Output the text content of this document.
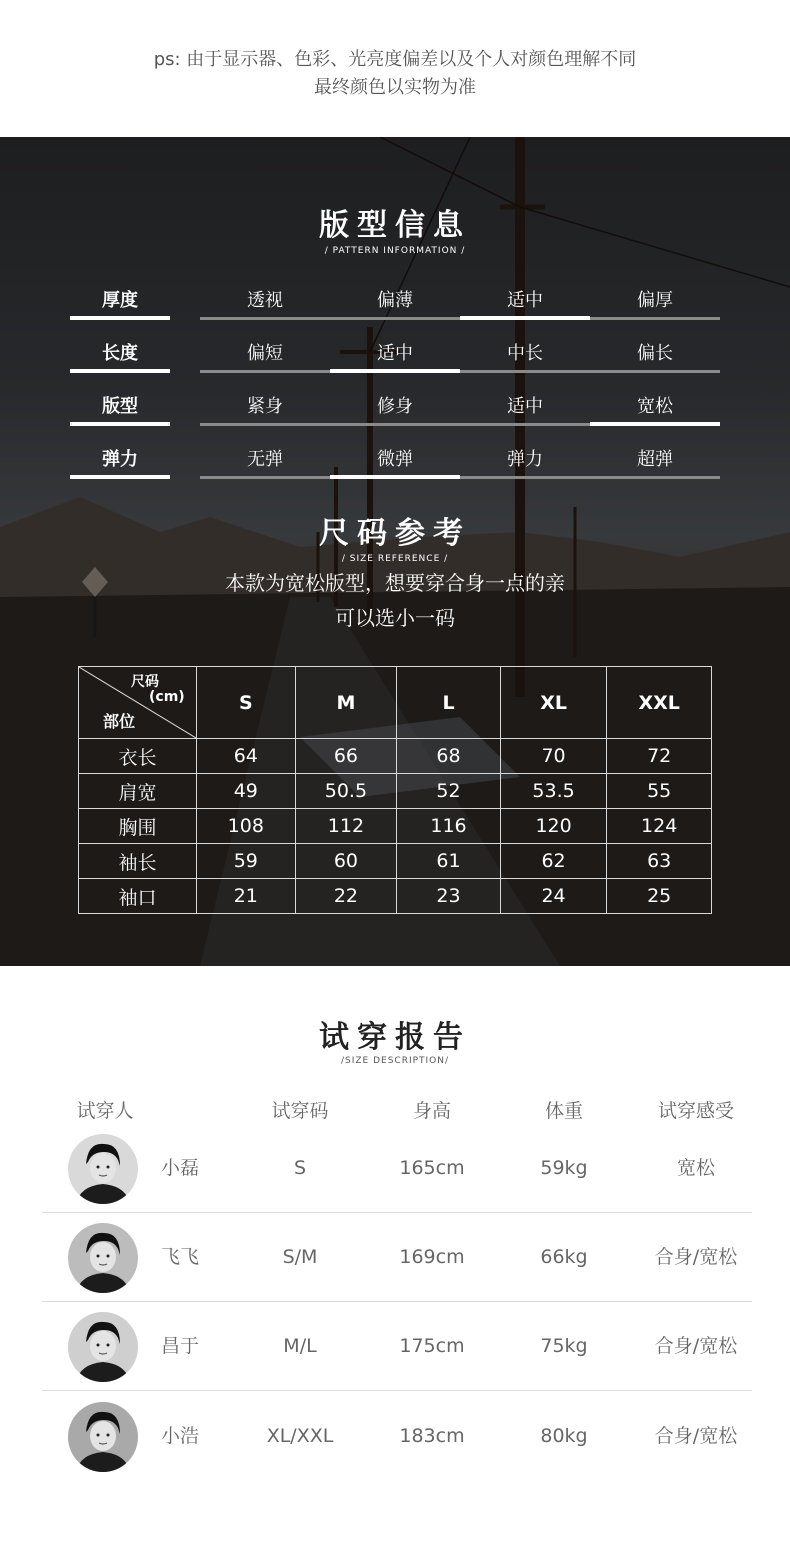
ps: 由于显示器、色彩、光亮度偏差以及个人对颜色理解不同
最终颜色以实物为准
版型信息
/ PATTERN INFORMATION /
厚度	透视	偏薄	适中	偏厚
长度	偏短	适中	中长	偏长
版型	紧身	修身	适中	宽松
弹力	无弹	微弹	弹力	超弹
尺码参考
/ SIZE REFERENCE /
本款为宽松版型，想要穿合身一点的亲
可以选小一码
尺码
(cm)
部位	S	M	L	XL	XXL
衣长	64	66	68	70	72
肩宽	49	50.5	52	53.5	55
胸围	108	112	116	120	124
袖长	59	60	61	62	63
袖口	21	22	23	24	25
试穿报告
/SIZE DESCRIPTION/
试穿人	试穿码	身高	体重	试穿感受
小磊	S	165cm	59kg	宽松
飞飞	S/M	169cm	66kg	合身/宽松
昌于	M/L	175cm	75kg	合身/宽松
小浩	XL/XXL	183cm	80kg	合身/宽松
